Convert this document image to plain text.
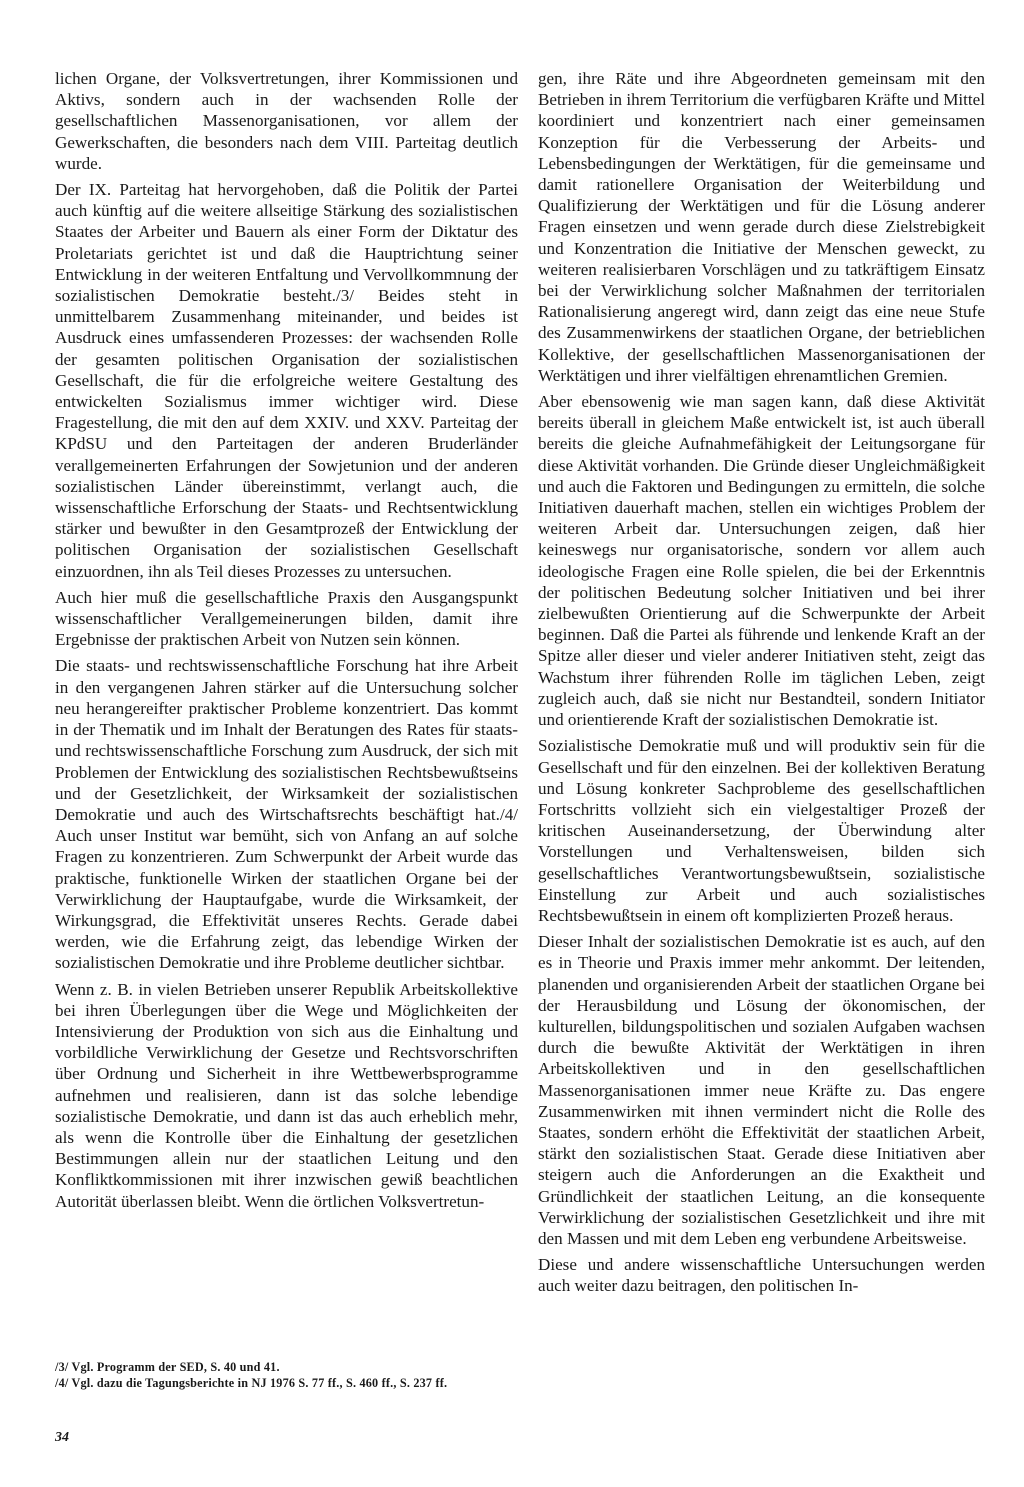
lichen Organe, der Volksvertretungen, ihrer Kommissionen und Aktivs, sondern auch in der wachsenden Rolle der gesellschaftlichen Massenorganisationen, vor allem der Gewerkschaften, die besonders nach dem VIII. Parteitag deutlich wurde.

Der IX. Parteitag hat hervorgehoben, daß die Politik der Partei auch künftig auf die weitere allseitige Stärkung des sozialistischen Staates der Arbeiter und Bauern als einer Form der Diktatur des Proletariats gerichtet ist und daß die Hauptrichtung seiner Entwicklung in der weiteren Entfaltung und Vervollkommnung der sozialistischen Demokratie besteht./3/ Beides steht in unmittelbarem Zusammenhang miteinander, und beides ist Ausdruck eines umfassenderen Prozesses: der wachsenden Rolle der gesamten politischen Organisation der sozialistischen Gesellschaft, die für die erfolgreiche weitere Gestaltung des entwickelten Sozialismus immer wichtiger wird. Diese Fragestellung, die mit den auf dem XXIV. und XXV. Parteitag der KPdSU und den Parteitagen der anderen Bruderländer verallgemeinerten Erfahrungen der Sowjetunion und der anderen sozialistischen Länder übereinstimmt, verlangt auch, die wissenschaftliche Erforschung der Staats- und Rechtsentwicklung stärker und bewußter in den Gesamtprozeß der Entwicklung der politischen Organisation der sozialistischen Gesellschaft einzuordnen, ihn als Teil dieses Prozesses zu untersuchen.

Auch hier muß die gesellschaftliche Praxis den Ausgangspunkt wissenschaftlicher Verallgemeinerungen bilden, damit ihre Ergebnisse der praktischen Arbeit von Nutzen sein können.

Die staats- und rechtswissenschaftliche Forschung hat ihre Arbeit in den vergangenen Jahren stärker auf die Untersuchung solcher neu herangereifter praktischer Probleme konzentriert. Das kommt in der Thematik und im Inhalt der Beratungen des Rates für staats- und rechtswissenschaftliche Forschung zum Ausdruck, der sich mit Problemen der Entwicklung des sozialistischen Rechtsbewußtseins und der Gesetzlichkeit, der Wirksamkeit der sozialistischen Demokratie und auch des Wirtschaftsrechts beschäftigt hat./4/ Auch unser Institut war bemüht, sich von Anfang an auf solche Fragen zu konzentrieren. Zum Schwerpunkt der Arbeit wurde das praktische, funktionelle Wirken der staatlichen Organe bei der Verwirklichung der Hauptaufgabe, wurde die Wirksamkeit, der Wirkungsgrad, die Effektivität unseres Rechts. Gerade dabei werden, wie die Erfahrung zeigt, das lebendige Wirken der sozialistischen Demokratie und ihre Probleme deutlicher sichtbar.

Wenn z. B. in vielen Betrieben unserer Republik Arbeitskollektive bei ihren Überlegungen über die Wege und Möglichkeiten der Intensivierung der Produktion von sich aus die Einhaltung und vorbildliche Verwirklichung der Gesetze und Rechtsvorschriften über Ordnung und Sicherheit in ihre Wettbewerbsprogramme aufnehmen und realisieren, dann ist das solche lebendige sozialistische Demokratie, und dann ist das auch erheblich mehr, als wenn die Kontrolle über die Einhaltung der gesetzlichen Bestimmungen allein nur der staatlichen Leitung und den Konfliktkommissionen mit ihrer inzwischen gewiß beachtlichen Autorität überlassen bleibt. Wenn die örtlichen Volksvertretun-

gen, ihre Räte und ihre Abgeordneten gemeinsam mit den Betrieben in ihrem Territorium die verfügbaren Kräfte und Mittel koordiniert und konzentriert nach einer gemeinsamen Konzeption für die Verbesserung der Arbeits- und Lebensbedingungen der Werktätigen, für die gemeinsame und damit rationellere Organisation der Weiterbildung und Qualifizierung der Werktätigen und für die Lösung anderer Fragen einsetzen und wenn gerade durch diese Zielstrebigkeit und Konzentration die Initiative der Menschen geweckt, zu weiteren realisierbaren Vorschlägen und zu tatkräftigem Einsatz bei der Verwirklichung solcher Maßnahmen der territorialen Rationalisierung angeregt wird, dann zeigt das eine neue Stufe des Zusammenwirkens der staatlichen Organe, der betrieblichen Kollektive, der gesellschaftlichen Massenorganisationen der Werktätigen und ihrer vielfältigen ehrenamtlichen Gremien.

Aber ebensowenig wie man sagen kann, daß diese Aktivität bereits überall in gleichem Maße entwickelt ist, ist auch überall bereits die gleiche Aufnahmefähigkeit der Leitungsorgane für diese Aktivität vorhanden. Die Gründe dieser Ungleichmäßigkeit und auch die Faktoren und Bedingungen zu ermitteln, die solche Initiativen dauerhaft machen, stellen ein wichtiges Problem der weiteren Arbeit dar. Untersuchungen zeigen, daß hier keineswegs nur organisatorische, sondern vor allem auch ideologische Fragen eine Rolle spielen, die bei der Erkenntnis der politischen Bedeutung solcher Initiativen und bei ihrer zielbewußten Orientierung auf die Schwerpunkte der Arbeit beginnen. Daß die Partei als führende und lenkende Kraft an der Spitze aller dieser und vieler anderer Initiativen steht, zeigt das Wachstum ihrer führenden Rolle im täglichen Leben, zeigt zugleich auch, daß sie nicht nur Bestandteil, sondern Initiator und orientierende Kraft der sozialistischen Demokratie ist.

Sozialistische Demokratie muß und will produktiv sein für die Gesellschaft und für den einzelnen. Bei der kollektiven Beratung und Lösung konkreter Sachprobleme des gesellschaftlichen Fortschritts vollzieht sich ein vielgestaltiger Prozeß der kritischen Auseinandersetzung, der Überwindung alter Vorstellungen und Verhaltensweisen, bilden sich gesellschaftliches Verantwortungsbewußtsein, sozialistische Einstellung zur Arbeit und auch sozialistisches Rechtsbewußtsein in einem oft komplizierten Prozeß heraus.

Dieser Inhalt der sozialistischen Demokratie ist es auch, auf den es in Theorie und Praxis immer mehr ankommt. Der leitenden, planenden und organisierenden Arbeit der staatlichen Organe bei der Herausbildung und Lösung der ökonomischen, der kulturellen, bildungspolitischen und sozialen Aufgaben wachsen durch die bewußte Aktivität der Werktätigen in ihren Arbeitskollektiven und in den gesellschaftlichen Massenorganisationen immer neue Kräfte zu. Das engere Zusammenwirken mit ihnen vermindert nicht die Rolle des Staates, sondern erhöht die Effektivität der staatlichen Arbeit, stärkt den sozialistischen Staat. Gerade diese Initiativen aber steigern auch die Anforderungen an die Exaktheit und Gründlichkeit der staatlichen Leitung, an die konsequente Verwirklichung der sozialistischen Gesetzlichkeit und ihre mit den Massen und mit dem Leben eng verbundene Arbeitsweise.

Diese und andere wissenschaftliche Untersuchungen werden auch weiter dazu beitragen, den politischen In-

/3/ Vgl. Programm der SED, S. 40 und 41.

/4/ Vgl. dazu die Tagungsberichte in NJ 1976 S. 77 ff., S. 460 ff., S. 237 ff.

34
